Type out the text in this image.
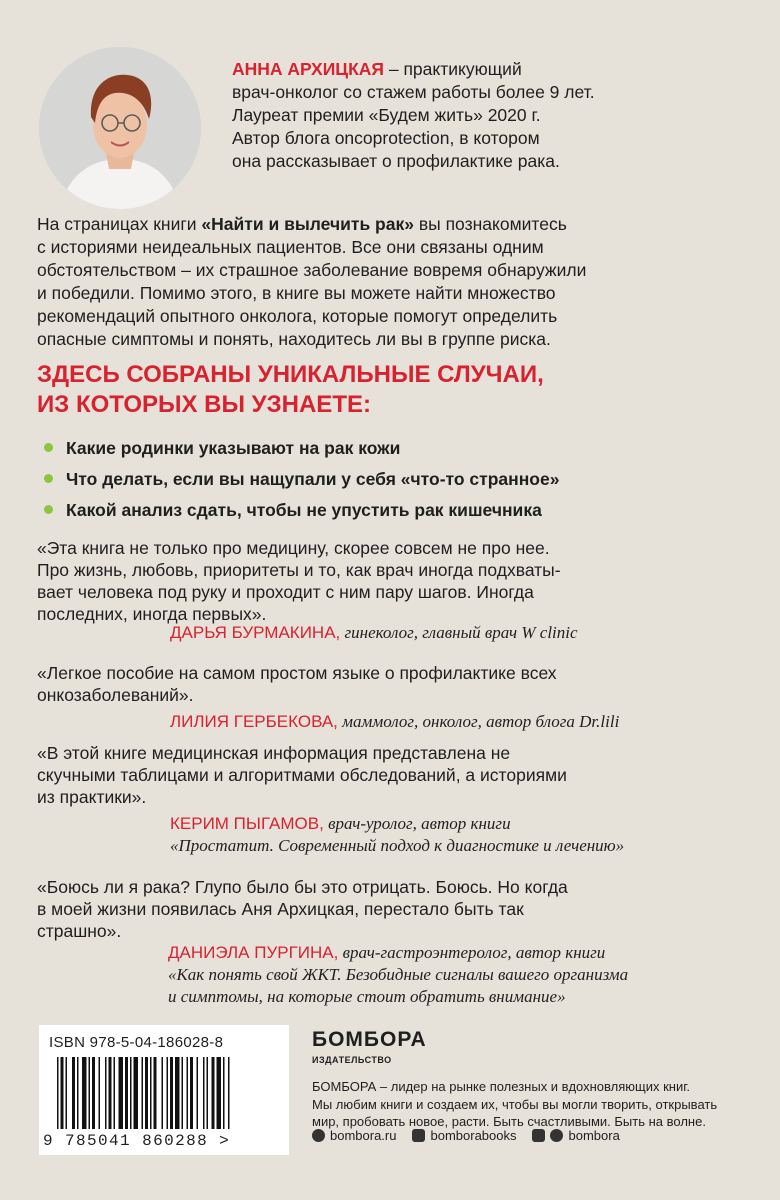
АННА АРХИЦКАЯ – практикующий
врач-онколог со стажем работы более 9 лет.
Лауреат премии «Будем жить» 2020 г.
Автор блога oncoprotection, в котором
она рассказывает о профилактике рака.
На страницах книги «Найти и вылечить рак» вы познакомитесь
с историями неидеальных пациентов. Все они связаны одним
обстоятельством – их страшное заболевание вовремя обнаружили
и победили. Помимо этого, в книге вы можете найти множество
рекомендаций опытного онколога, которые помогут определить
опасные симптомы и понять, находитесь ли вы в группе риска.
ЗДЕСЬ СОБРАНЫ УНИКАЛЬНЫЕ СЛУЧАИ,
ИЗ КОТОРЫХ ВЫ УЗНАЕТЕ:
Какие родинки указывают на рак кожи
Что делать, если вы нащупали у себя «что-то странное»
Какой анализ сдать, чтобы не упустить рак кишечника
«Эта книга не только про медицину, скорее совсем не про нее.
Про жизнь, любовь, приоритеты и то, как врач иногда подхваты-
вает человека под руку и проходит с ним пару шагов. Иногда
последних, иногда первых».
ДАРЬЯ БУРМАКИНА, гинеколог, главный врач W clinic
«Легкое пособие на самом простом языке о профилактике всех
онкозаболеваний».
ЛИЛИЯ ГЕРБЕКОВА, маммолог, онколог, автор блога Dr.lili
«В этой книге медицинская информация представлена не
скучными таблицами и алгоритмами обследований, а историями
из практики».
КЕРИМ ПЫГАМОВ, врач-уролог, автор книги
«Простатит. Современный подход к диагностике и лечению»
«Боюсь ли я рака? Глупо было бы это отрицать. Боюсь. Но когда
в моей жизни появилась Аня Архицкая, перестало быть так
страшно».
ДАНИЭЛА ПУРГИНА, врач-гастроэнтеролог, автор книги
«Как понять свой ЖКТ. Безобидные сигналы вашего организма
и симптомы, на которые стоит обратить внимание»
ISBN 978-5-04-186028-8
9 785041 860288 >
БОМБОРА
ИЗДАТЕЛЬСТВО
БОМБОРА – лидер на рынке полезных и вдохновляющих книг.
Мы любим книги и создаем их, чтобы вы могли творить, открывать
мир, пробовать новое, расти. Быть счастливыми. Быть на волне.
bombora.ru	bomborabooks	bombora
